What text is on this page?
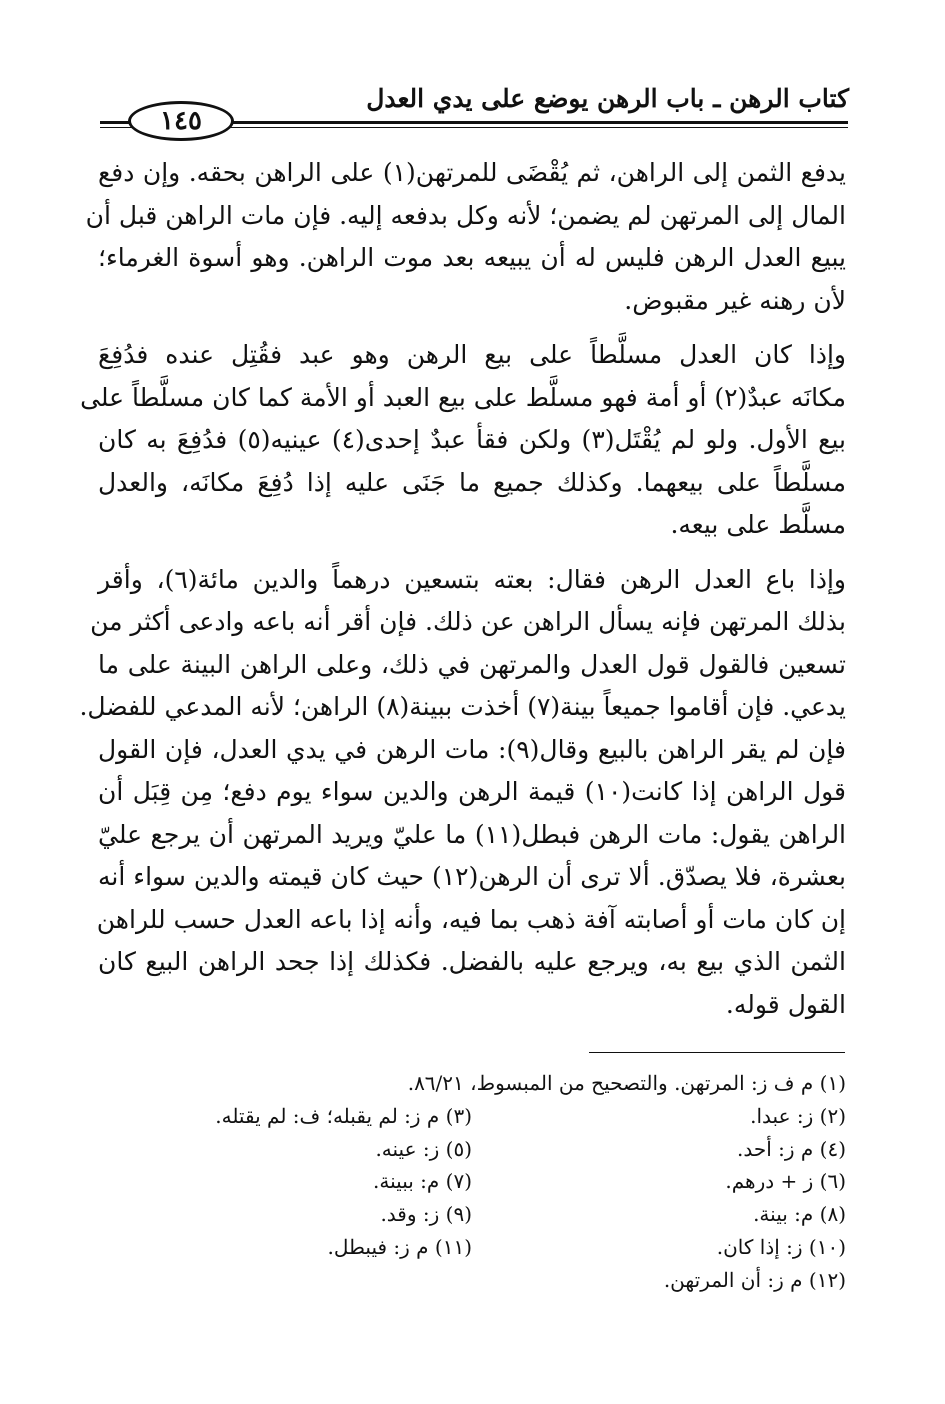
كتاب الرهن ـ باب الرهن يوضع على يدي العدل
١٤٥

يدفع الثمن إلى الراهن، ثم يُقْضَى للمرتهن(١) على الراهن بحقه. وإن دفع
المال إلى المرتهن لم يضمن؛ لأنه وكل بدفعه إليه. فإن مات الراهن قبل أن
يبيع العدل الرهن فليس له أن يبيعه بعد موت الراهن. وهو أسوة الغرماء؛
لأن رهنه غير مقبوض.

وإذا كان العدل مسلَّطاً على بيع الرهن وهو عبد فقُتِل عنده فدُفِعَ
مكانَه عبدٌ(٢) أو أمة فهو مسلَّط على بيع العبد أو الأمة كما كان مسلَّطاً على
بيع الأول. ولو لم يُقْتَل(٣) ولكن فقأ عبدٌ إحدى(٤) عينيه(٥) فدُفِعَ به كان
مسلَّطاً على بيعهما. وكذلك جميع ما جَنَى عليه إذا دُفِعَ مكانَه، والعدل
مسلَّط على بيعه.

وإذا باع العدل الرهن فقال: بعته بتسعين درهماً والدين مائة(٦)، وأقر
بذلك المرتهن فإنه يسأل الراهن عن ذلك. فإن أقر أنه باعه وادعى أكثر من
تسعين فالقول قول العدل والمرتهن في ذلك، وعلى الراهن البينة على ما
يدعي. فإن أقاموا جميعاً بينة(٧) أخذت ببينة(٨) الراهن؛ لأنه المدعي للفضل.
فإن لم يقر الراهن بالبيع وقال(٩): مات الرهن في يدي العدل، فإن القول
قول الراهن إذا كانت(١٠) قيمة الرهن والدين سواء يوم دفع؛ مِن قِبَل أن
الراهن يقول: مات الرهن فبطل(١١) ما عليّ ويريد المرتهن أن يرجع عليّ
بعشرة، فلا يصدّق. ألا ترى أن الرهن(١٢) حيث كان قيمته والدين سواء أنه
إن كان مات أو أصابته آفة ذهب بما فيه، وأنه إذا باعه العدل حسب للراهن
الثمن الذي بيع به، ويرجع عليه بالفضل. فكذلك إذا جحد الراهن البيع كان
القول قوله.

(١) م ف ز: المرتهن. والتصحيح من المبسوط، ٨٦/٢١.
(٢) ز: عبدا.
(٣) م ز: لم يقبله؛ ف: لم يقتله.
(٤) م ز: أحد.
(٥) ز: عينه.
(٦) ز + درهم.
(٧) م: ببينة.
(٨) م: بينة.
(٩) ز: وقد.
(١٠) ز: إذا كان.
(١١) م ز: فيبطل.
(١٢) م ز: أن المرتهن.
